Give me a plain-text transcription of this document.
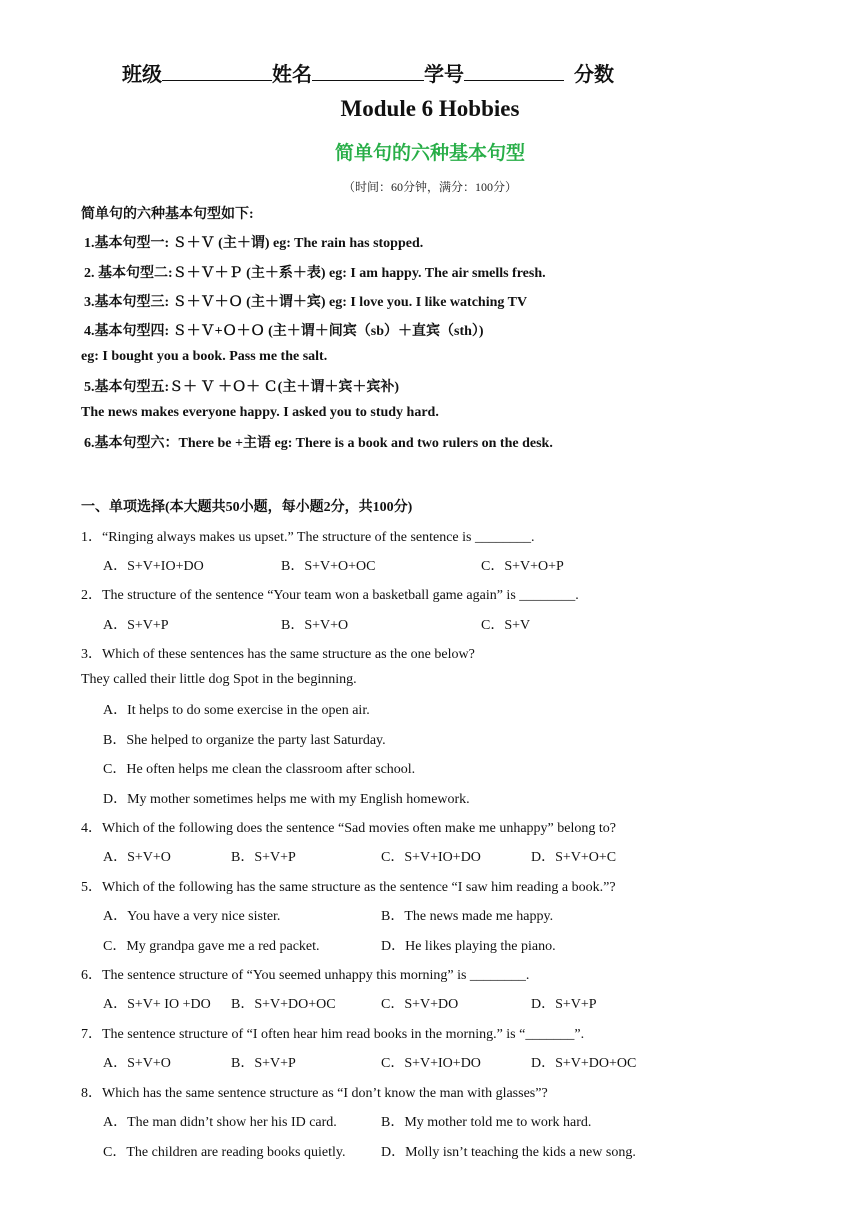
班级	姓名	学号	分数
Module 6 Hobbies
简单句的六种基本句型
（时间：60分钟，满分：100分）
简单句的六种基本句型如下:
1.基本句型一: Ｓ＋Ｖ (主＋谓) eg: The rain has stopped.
2. 基本句型二:Ｓ＋Ｖ＋Ｐ (主＋系＋表) eg: I am happy. The air smells fresh.
3.基本句型三: Ｓ＋Ｖ＋Ｏ (主＋谓＋宾) eg: I love you. I like watching TV
4.基本句型四: Ｓ＋Ｖ+Ｏ＋Ｏ (主＋谓＋间宾（sb）＋直宾（sth）)
eg: I bought you a book. Pass me the salt.
5.基本句型五:Ｓ＋ Ｖ ＋Ｏ＋ Ｃ(主＋谓＋宾＋宾补)
The news makes everyone happy. I asked you to study hard.
6.基本句型六：There be +主语 eg: There is a book and two rulers on the desk.
一、单项选择(本大题共50小题，每小题2分，共100分)
1．“Ringing always makes us upset.” The structure of the sentence is ________.
A．S+V+IO+DO	B．S+V+O+OC	C．S+V+O+P
2．The structure of the sentence “Your team won a basketball game again” is ________.
A．S+V+P	B．S+V+O	C．S+V
3．Which of these sentences has the same structure as the one below?
They called their little dog Spot in the beginning.
A．It helps to do some exercise in the open air.
B．She helped to organize the party last Saturday.
C．He often helps me clean the classroom after school.
D．My mother sometimes helps me with my English homework.
4．Which of the following does the sentence “Sad movies often make me unhappy” belong to?
A．S+V+O	B．S+V+P	C．S+V+IO+DO	D．S+V+O+C
5．Which of the following has the same structure as the sentence “I saw him reading a book.”?
A．You have a very nice sister.	B．The news made me happy.
C．My grandpa gave me a red packet.	D．He likes playing the piano.
6．The sentence structure of “You seemed unhappy this morning” is ________.
A．S+V+ IO +DO B．S+V+DO+OC	C．S+V+DO	D．S+V+P
7．The sentence structure of “I often hear him read books in the morning.” is “_______”.
A．S+V+O	B．S+V+P	C．S+V+IO+DO	D．S+V+DO+OC
8．Which has the same sentence structure as “I don’t know the man with glasses”?
A．The man didn’t show her his ID card.	B．My mother told me to work hard.
C．The children are reading books quietly.	D．Molly isn’t teaching the kids a new song.
